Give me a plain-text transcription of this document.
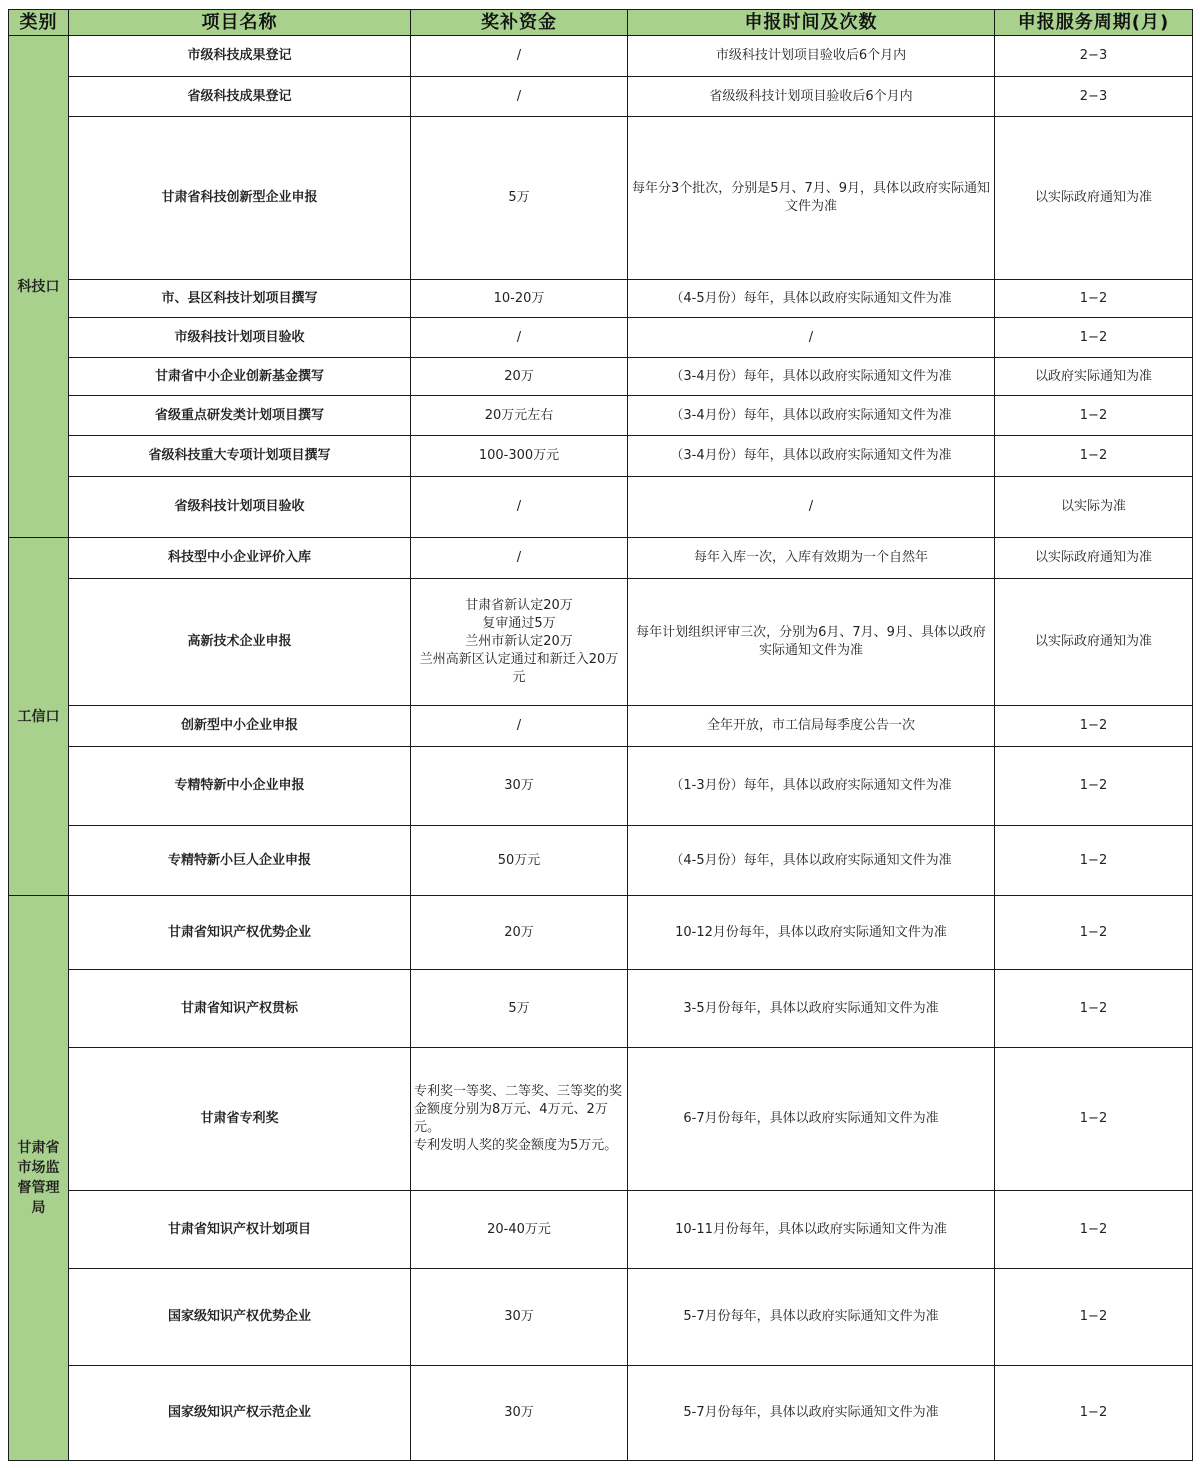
类别	项目名称	奖补资金	申报时间及次数	申报服务周期(月)
科技口	市级科技成果登记	/	市级科技计划项目验收后6个月内	2−3
	省级科技成果登记	/	省级级科技计划项目验收后6个月内	2−3
	甘肃省科技创新型企业申报	5万	每年分3个批次，分别是5月、7月、9月，具体以政府实际通知文件为准	以实际政府通知为准
	市、县区科技计划项目撰写	10-20万	（4-5月份）每年，具体以政府实际通知文件为准	1−2
	市级科技计划项目验收	/	/	1−2
	甘肃省中小企业创新基金撰写	20万	（3-4月份）每年，具体以政府实际通知文件为准	以政府实际通知为准
	省级重点研发类计划项目撰写	20万元左右	（3-4月份）每年，具体以政府实际通知文件为准	1−2
	省级科技重大专项计划项目撰写	100-300万元	（3-4月份）每年，具体以政府实际通知文件为准	1−2
	省级科技计划项目验收	/	/	以实际为准
工信口	科技型中小企业评价入库	/	每年入库一次，入库有效期为一个自然年	以实际政府通知为准
	高新技术企业申报	甘肃省新认定20万
复审通过5万
兰州市新认定20万
兰州高新区认定通过和新迁入20万元	每年计划组织评审三次，分别为6月、7月、9月、具体以政府实际通知文件为准	以实际政府通知为准
	创新型中小企业申报	/	全年开放，市工信局每季度公告一次	1−2
	专精特新中小企业申报	30万	（1-3月份）每年，具体以政府实际通知文件为准	1−2
	专精特新小巨人企业申报	50万元	（4-5月份）每年，具体以政府实际通知文件为准	1−2
甘肃省市场监督管理局	甘肃省知识产权优势企业	20万	10-12月份每年，具体以政府实际通知文件为准	1−2
	甘肃省知识产权贯标	5万	3-5月份每年，具体以政府实际通知文件为准	1−2
	甘肃省专利奖	专利奖一等奖、二等奖、三等奖的奖金额度分别为8万元、4万元、2万元。
专利发明人奖的奖金额度为5万元。	6-7月份每年，具体以政府实际通知文件为准	1−2
	甘肃省知识产权计划项目	20-40万元	10-11月份每年，具体以政府实际通知文件为准	1−2
	国家级知识产权优势企业	30万	5-7月份每年，具体以政府实际通知文件为准	1−2
	国家级知识产权示范企业	30万	5-7月份每年，具体以政府实际通知文件为准	1−2
